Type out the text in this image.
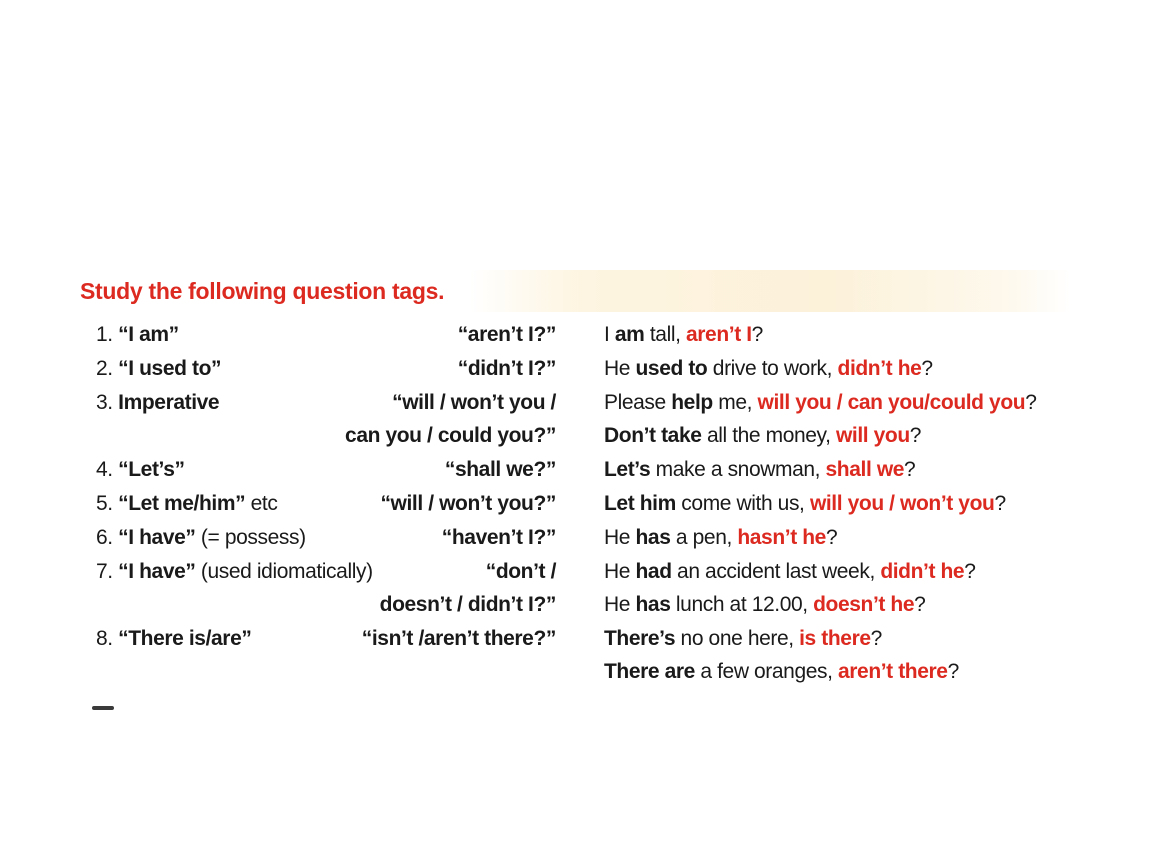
Study the following question tags.
1. “I am”
2. “I used to”
3. Imperative
4. “Let’s”
5. “Let me/him” etc
6. “I have” (= possess)
7. “I have” (used idiomatically)
8. “There is/are”
“aren’t I?”
“didn’t I?”
“will / won’t you /
can you / could you?”
“shall we?”
“will / won’t you?”
“haven’t I?”
“don’t /
doesn’t / didn’t I?”
“isn’t /aren’t there?”
I am tall, aren’t I?
He used to drive to work, didn’t he?
Please help me, will you / can you/could you?
Don’t take all the money, will you?
Let’s make a snowman, shall we?
Let him come with us, will you / won’t you?
He has a pen, hasn’t he?
He had an accident last week, didn’t he?
He has lunch at 12.00, doesn’t he?
There’s no one here, is there?
There are a few oranges, aren’t there?
